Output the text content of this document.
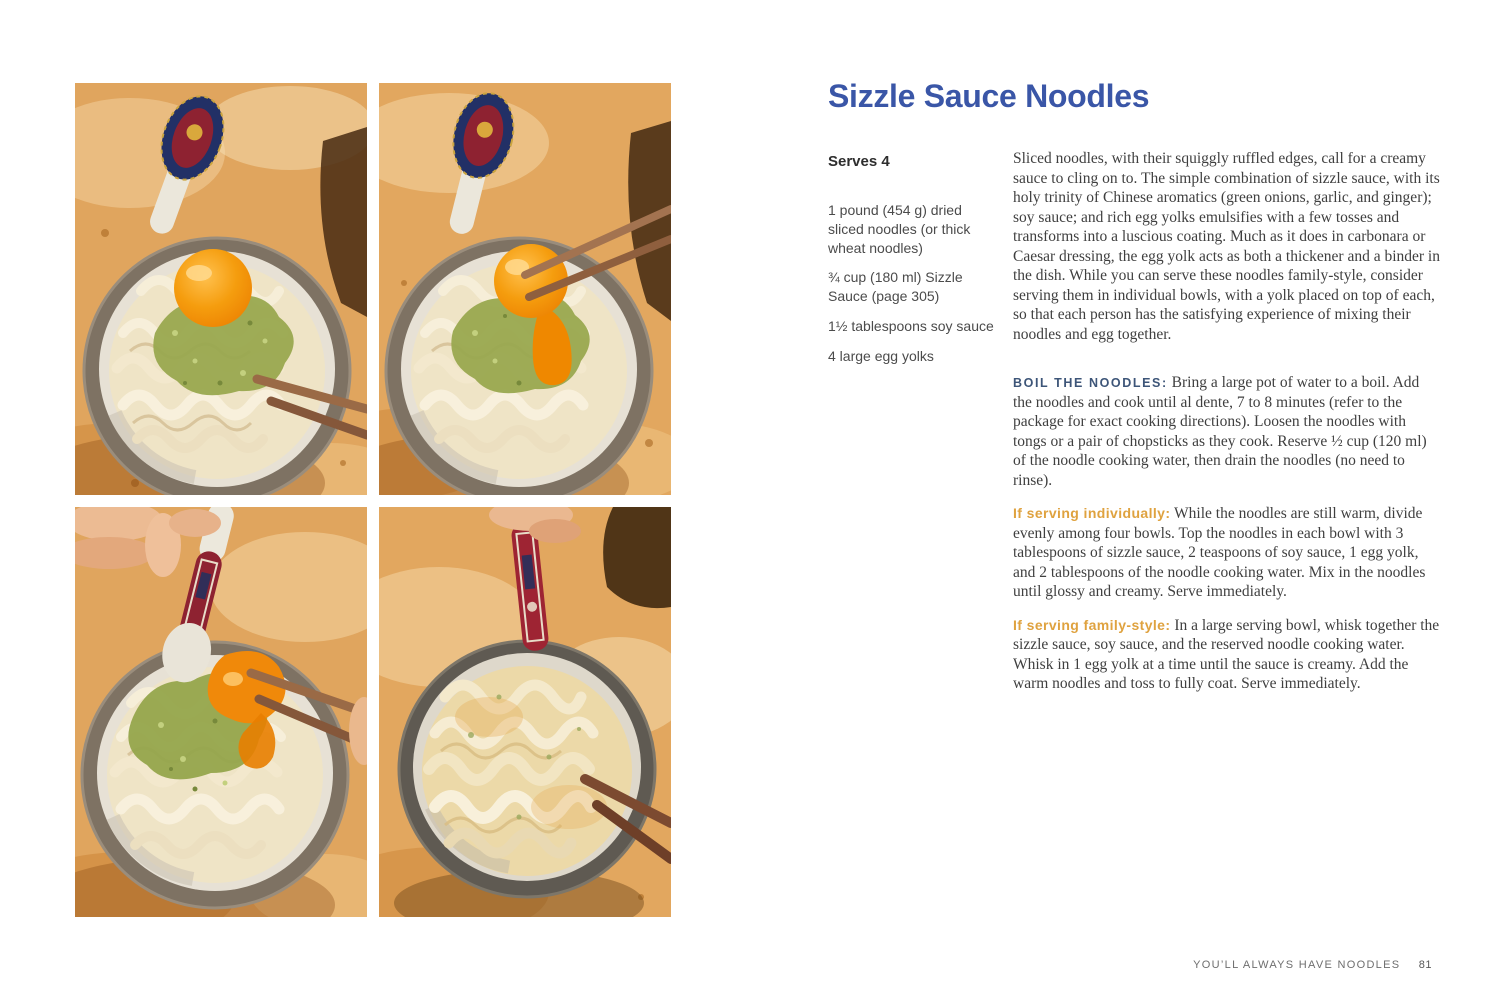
Sizzle Sauce Noodles

Serves 4

1 pound (454 g) dried sliced noodles (or thick wheat noodles)

¾ cup (180 ml) Sizzle Sauce (page 305)

1½ tablespoons soy sauce

4 large egg yolks

Sliced noodles, with their squiggly ruffled edges, call for a creamy sauce to cling on to. The simple combination of sizzle sauce, with its holy trinity of Chinese aromatics (green onions, garlic, and ginger); soy sauce; and rich egg yolks emulsifies with a few tosses and transforms into a luscious coating. Much as it does in carbonara or Caesar dressing, the egg yolk acts as both a thickener and a binder in the dish. While you can serve these noodles family-style, consider serving them in individual bowls, with a yolk placed on top of each, so that each person has the satisfying experience of mixing their noodles and egg together.

BOIL THE NOODLES: Bring a large pot of water to a boil. Add the noodles and cook until al dente, 7 to 8 minutes (refer to the package for exact cooking directions). Loosen the noodles with tongs or a pair of chopsticks as they cook. Reserve ½ cup (120 ml) of the noodle cooking water, then drain the noodles (no need to rinse).

If serving individually: While the noodles are still warm, divide evenly among four bowls. Top the noodles in each bowl with 3 tablespoons of sizzle sauce, 2 teaspoons of soy sauce, 1 egg yolk, and 2 tablespoons of the noodle cooking water. Mix in the noodles until glossy and creamy. Serve immediately.

If serving family-style: In a large serving bowl, whisk together the sizzle sauce, soy sauce, and the reserved noodle cooking water. Whisk in 1 egg yolk at a time until the sauce is creamy. Add the warm noodles and toss to fully coat. Serve immediately.

YOU’LL ALWAYS HAVE NOODLES 81
